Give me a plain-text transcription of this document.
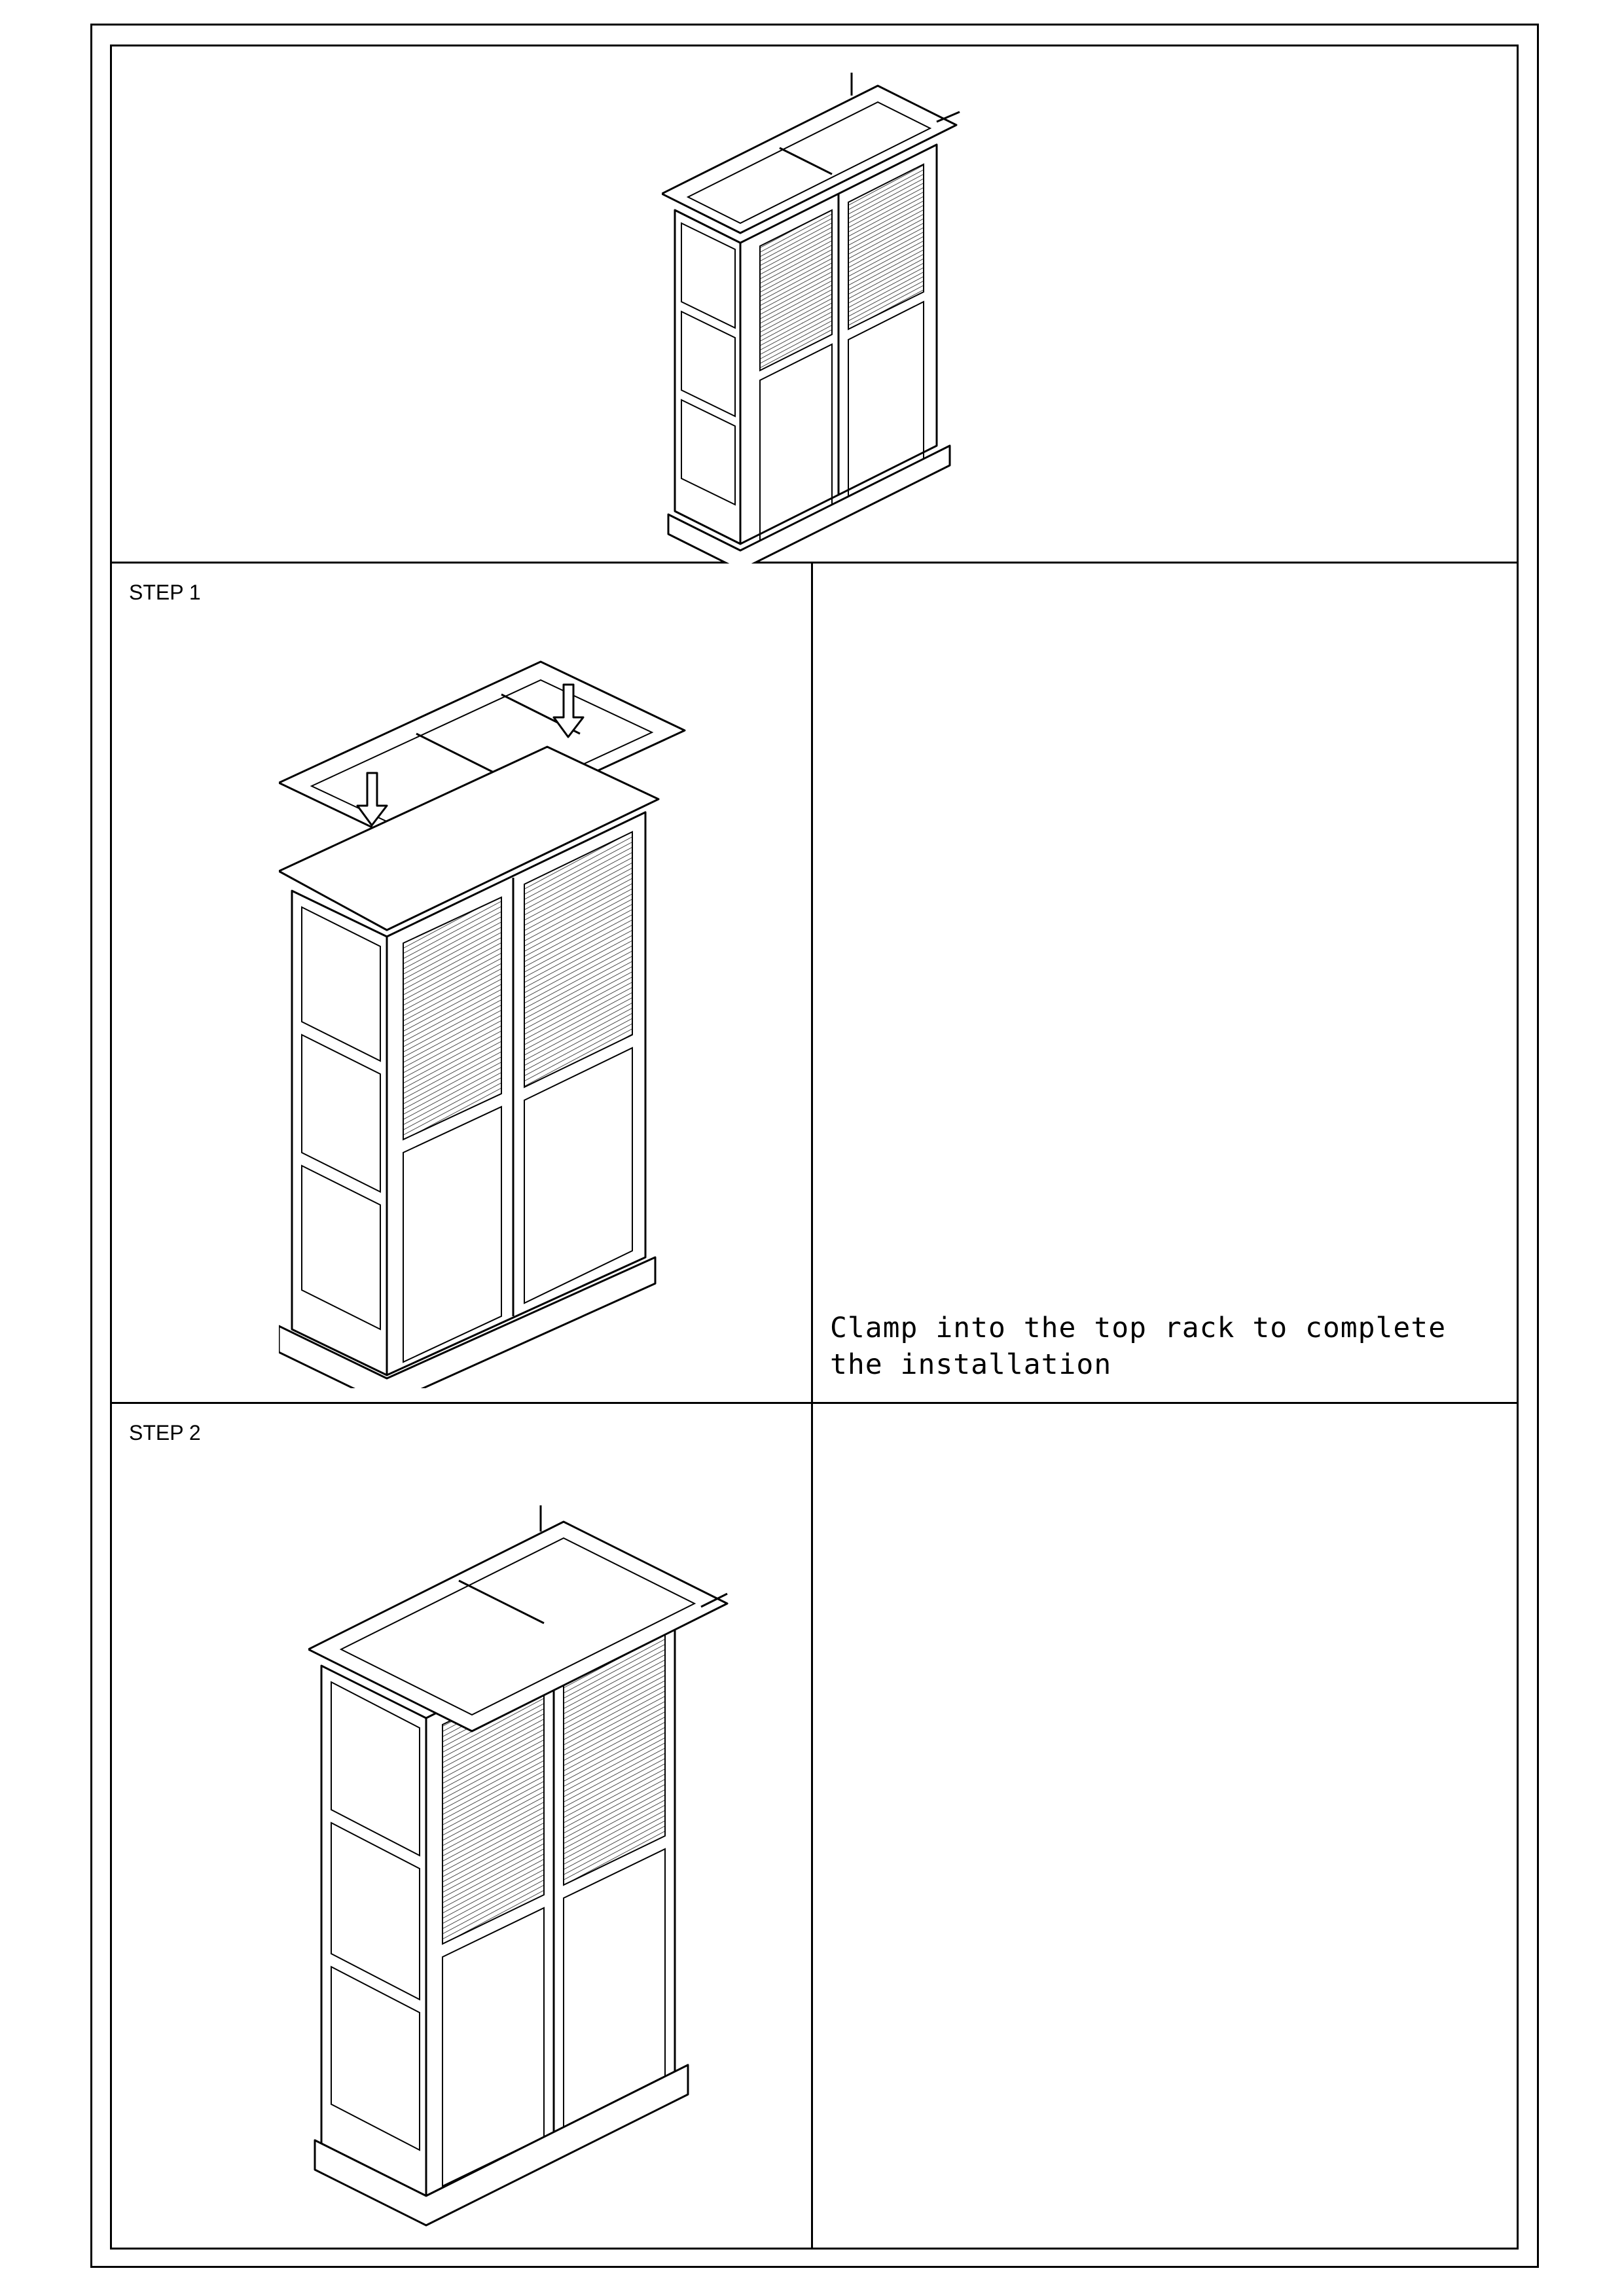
STEP 1
Clamp into the top rack to complete the installation
STEP 2
